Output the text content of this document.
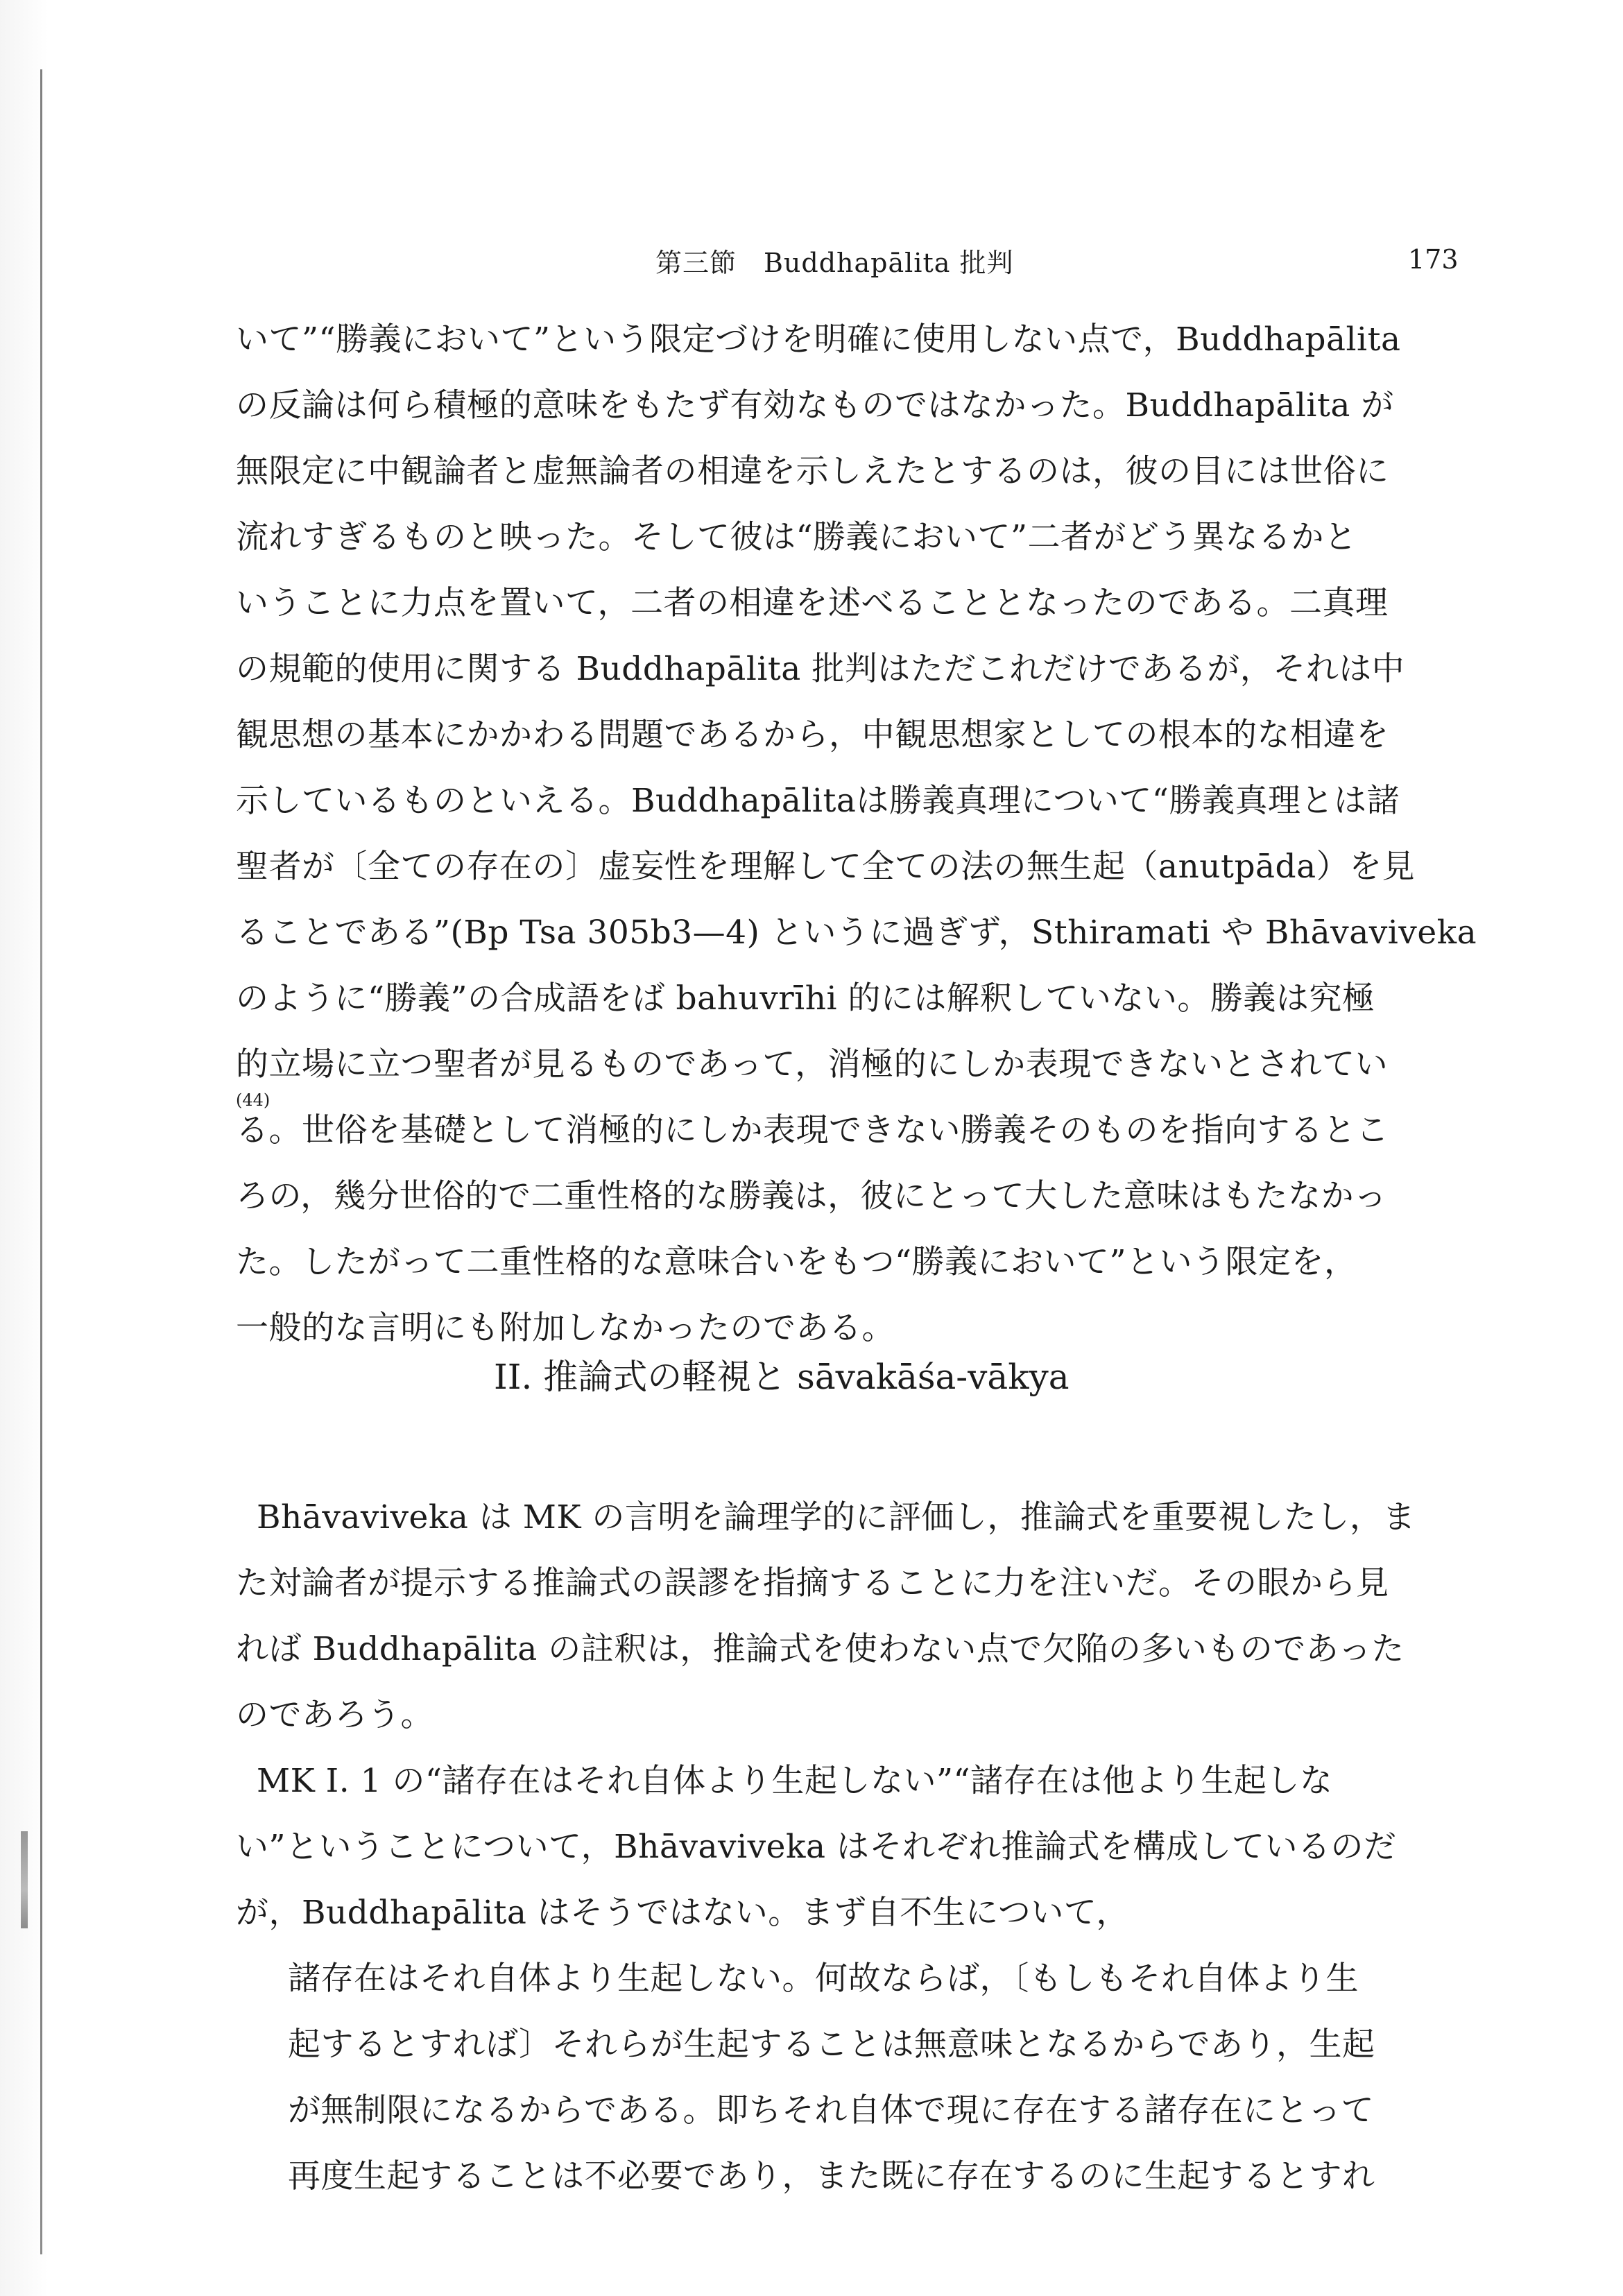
第三節　Buddhapālita 批判	173
いて”“勝義において”という限定づけを明確に使用しない点で，Buddhapālita
の反論は何ら積極的意味をもたず有効なものではなかった。Buddhapālita が
無限定に中観論者と虚無論者の相違を示しえたとするのは，彼の目には世俗に
流れすぎるものと映った。そして彼は“勝義において”二者がどう異なるかと
いうことに力点を置いて，二者の相違を述べることとなったのである。二真理
の規範的使用に関する Buddhapālita 批判はただこれだけであるが，それは中
観思想の基本にかかわる問題であるから，中観思想家としての根本的な相違を
示しているものといえる。Buddhapālitaは勝義真理について“勝義真理とは諸
聖者が〔全ての存在の〕虚妄性を理解して全ての法の無生起（anutpāda）を見
ることである”(Bp Tsa 305b3—4) というに過ぎず，Sthiramati や Bhāvaviveka
のように“勝義”の合成語をば bahuvrīhi 的には解釈していない。勝義は究極
的立場に立つ聖者が見るものであって，消極的にしか表現できないとされてい
(44)
る。世俗を基礎として消極的にしか表現できない勝義そのものを指向するとこ
ろの，幾分世俗的で二重性格的な勝義は，彼にとって大した意味はもたなかっ
た。したがって二重性格的な意味合いをもつ“勝義において”という限定を，
一般的な言明にも附加しなかったのである。
II. 推論式の軽視と sāvakāśa-vākya
Bhāvaviveka は MK の言明を論理学的に評価し，推論式を重要視したし，ま
た対論者が提示する推論式の誤謬を指摘することに力を注いだ。その眼から見
れば Buddhapālita の註釈は，推論式を使わない点で欠陥の多いものであった
のであろう。
MK I. 1 の“諸存在はそれ自体より生起しない”“諸存在は他より生起しな
い”ということについて，Bhāvaviveka はそれぞれ推論式を構成しているのだ
が，Buddhapālita はそうではない。まず自不生について，
諸存在はそれ自体より生起しない。何故ならば，〔もしもそれ自体より生
起するとすれば〕それらが生起することは無意味となるからであり，生起
が無制限になるからである。即ちそれ自体で現に存在する諸存在にとって
再度生起することは不必要であり，また既に存在するのに生起するとすれ
